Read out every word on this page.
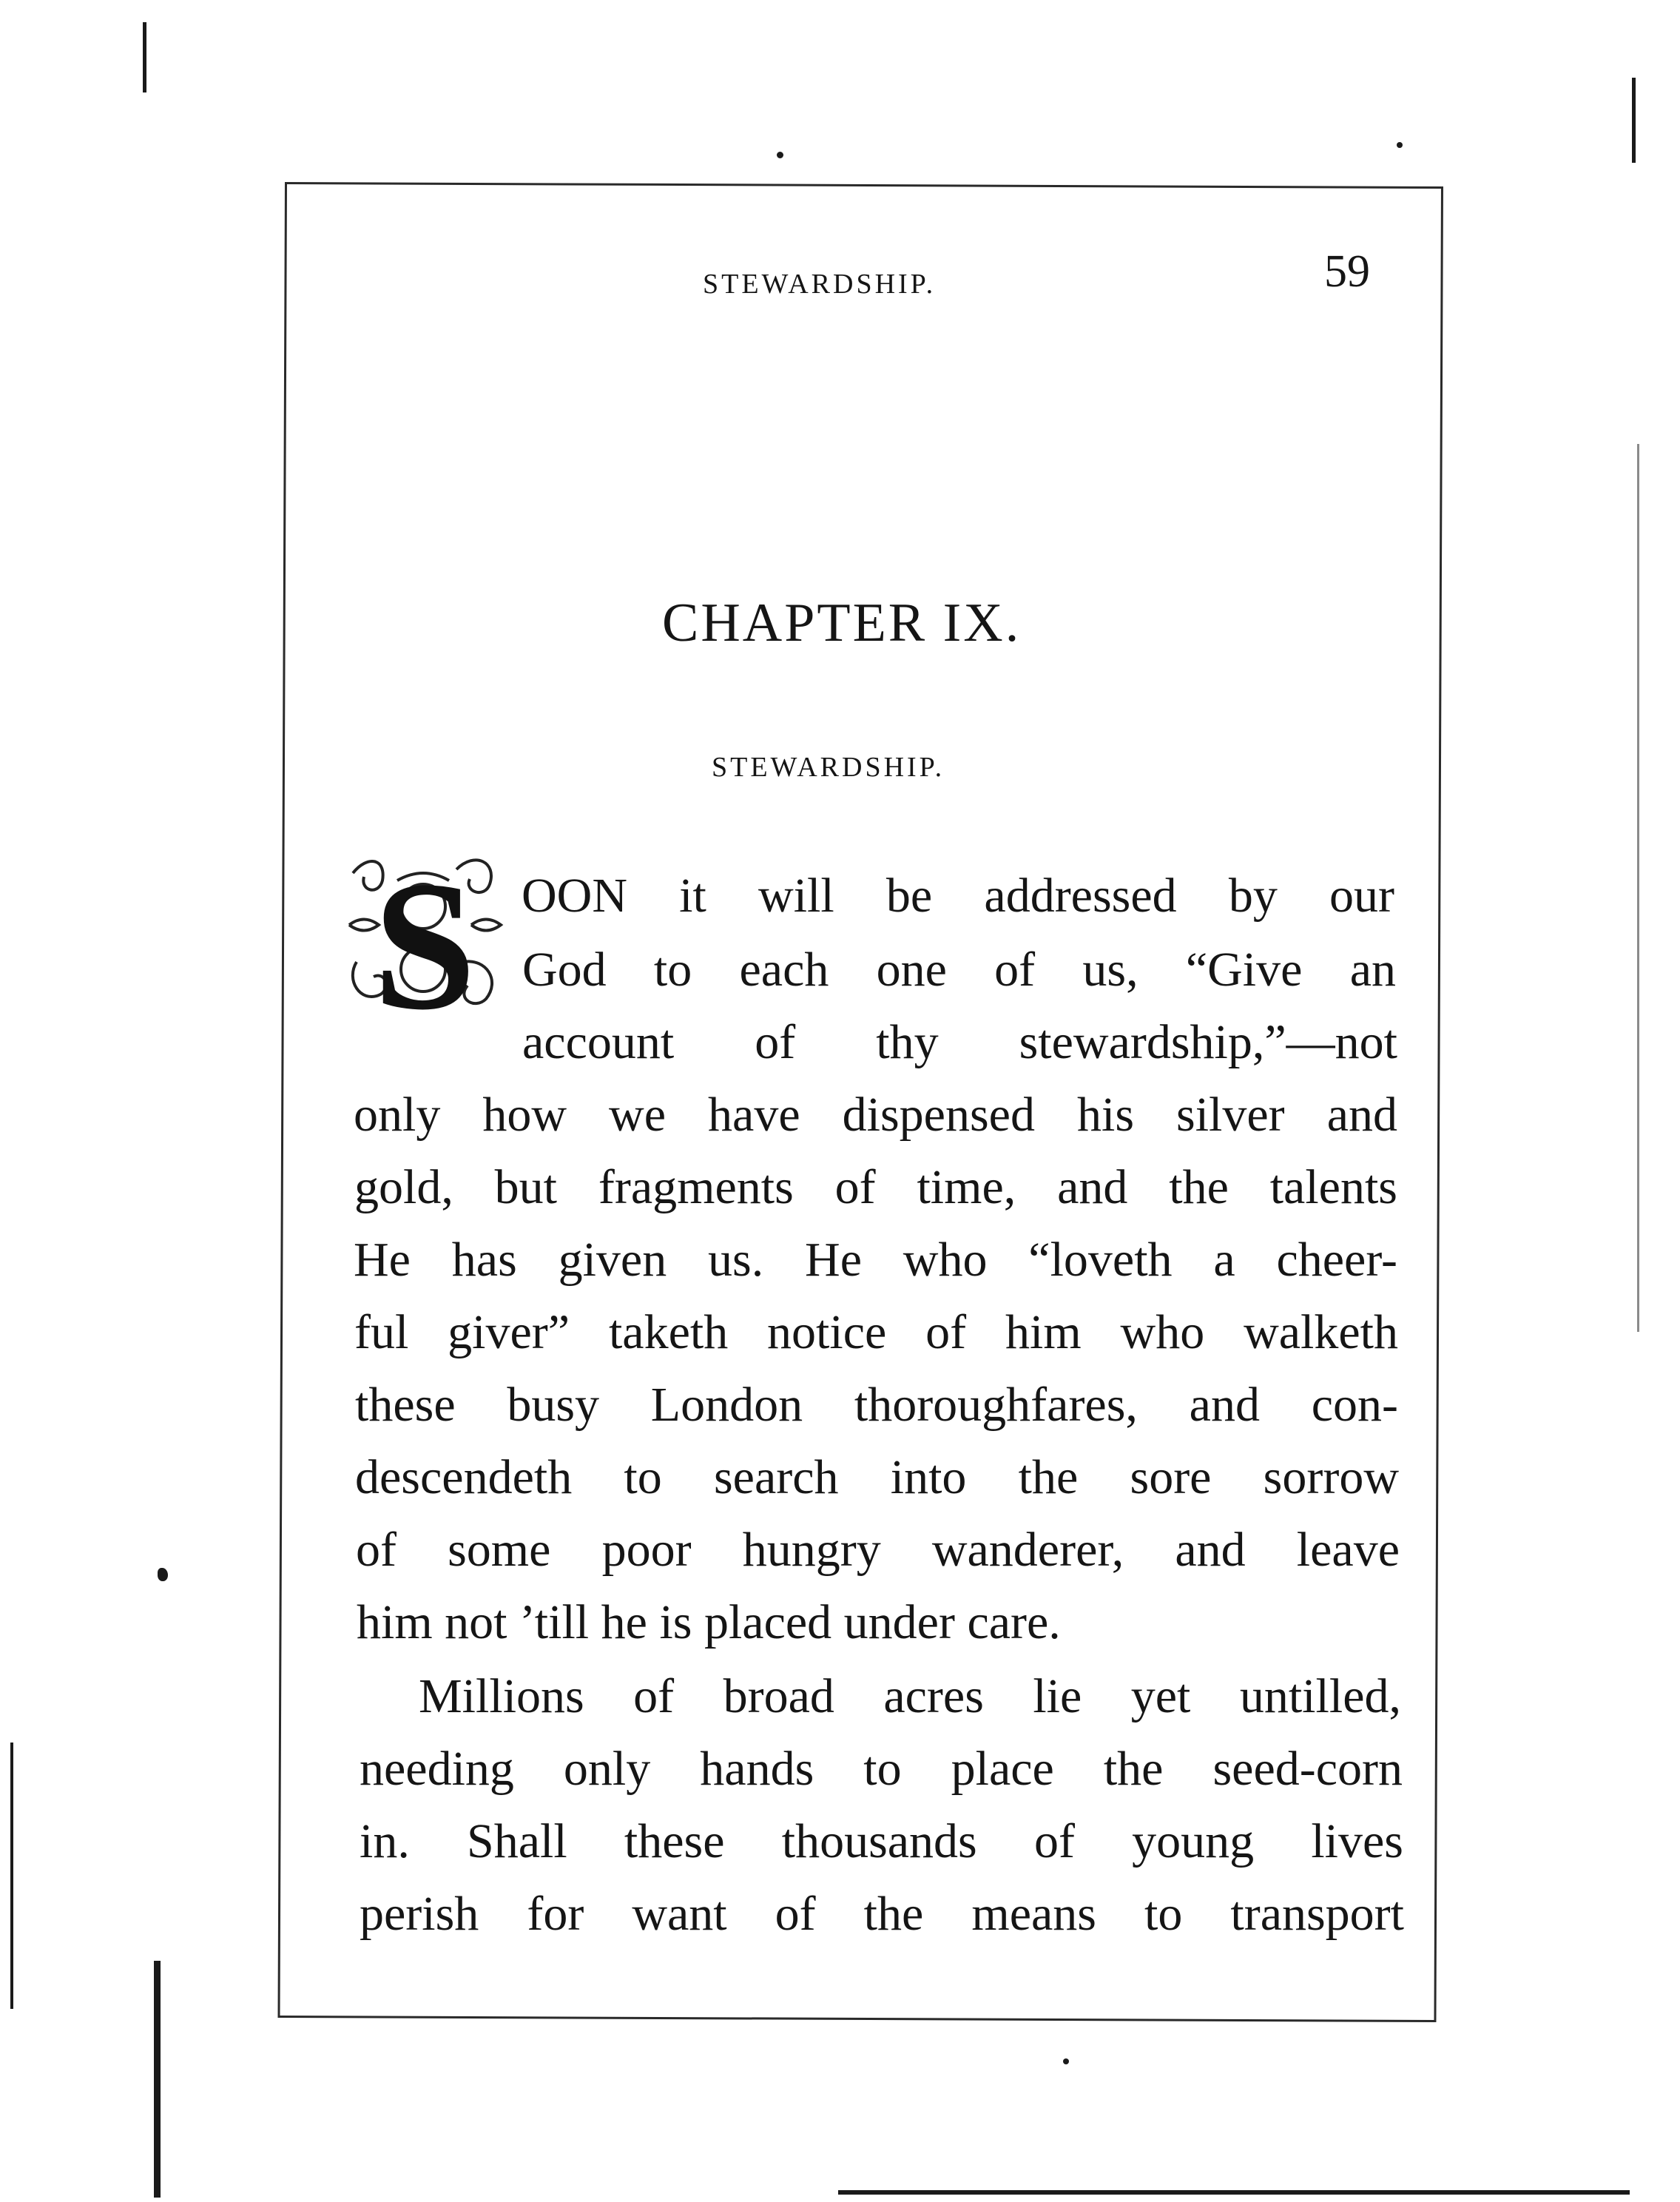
STEWARDSHIP.	59
CHAPTER IX.
STEWARDSHIP.
S OON it will be addressed by our
God to each one of us, “Give an
account of thy stewardship,”—not
only how we have dispensed his silver and
gold, but fragments of time, and the talents
He has given us. He who “loveth a cheer-
ful giver” taketh notice of him who walketh
these busy London thoroughfares, and con-
descendeth to search into the sore sorrow
of some poor hungry wanderer, and leave
him not ’till he is placed under care.
Millions of broad acres lie yet untilled,
needing only hands to place the seed-corn
in. Shall these thousands of young lives
perish for want of the means to transport
